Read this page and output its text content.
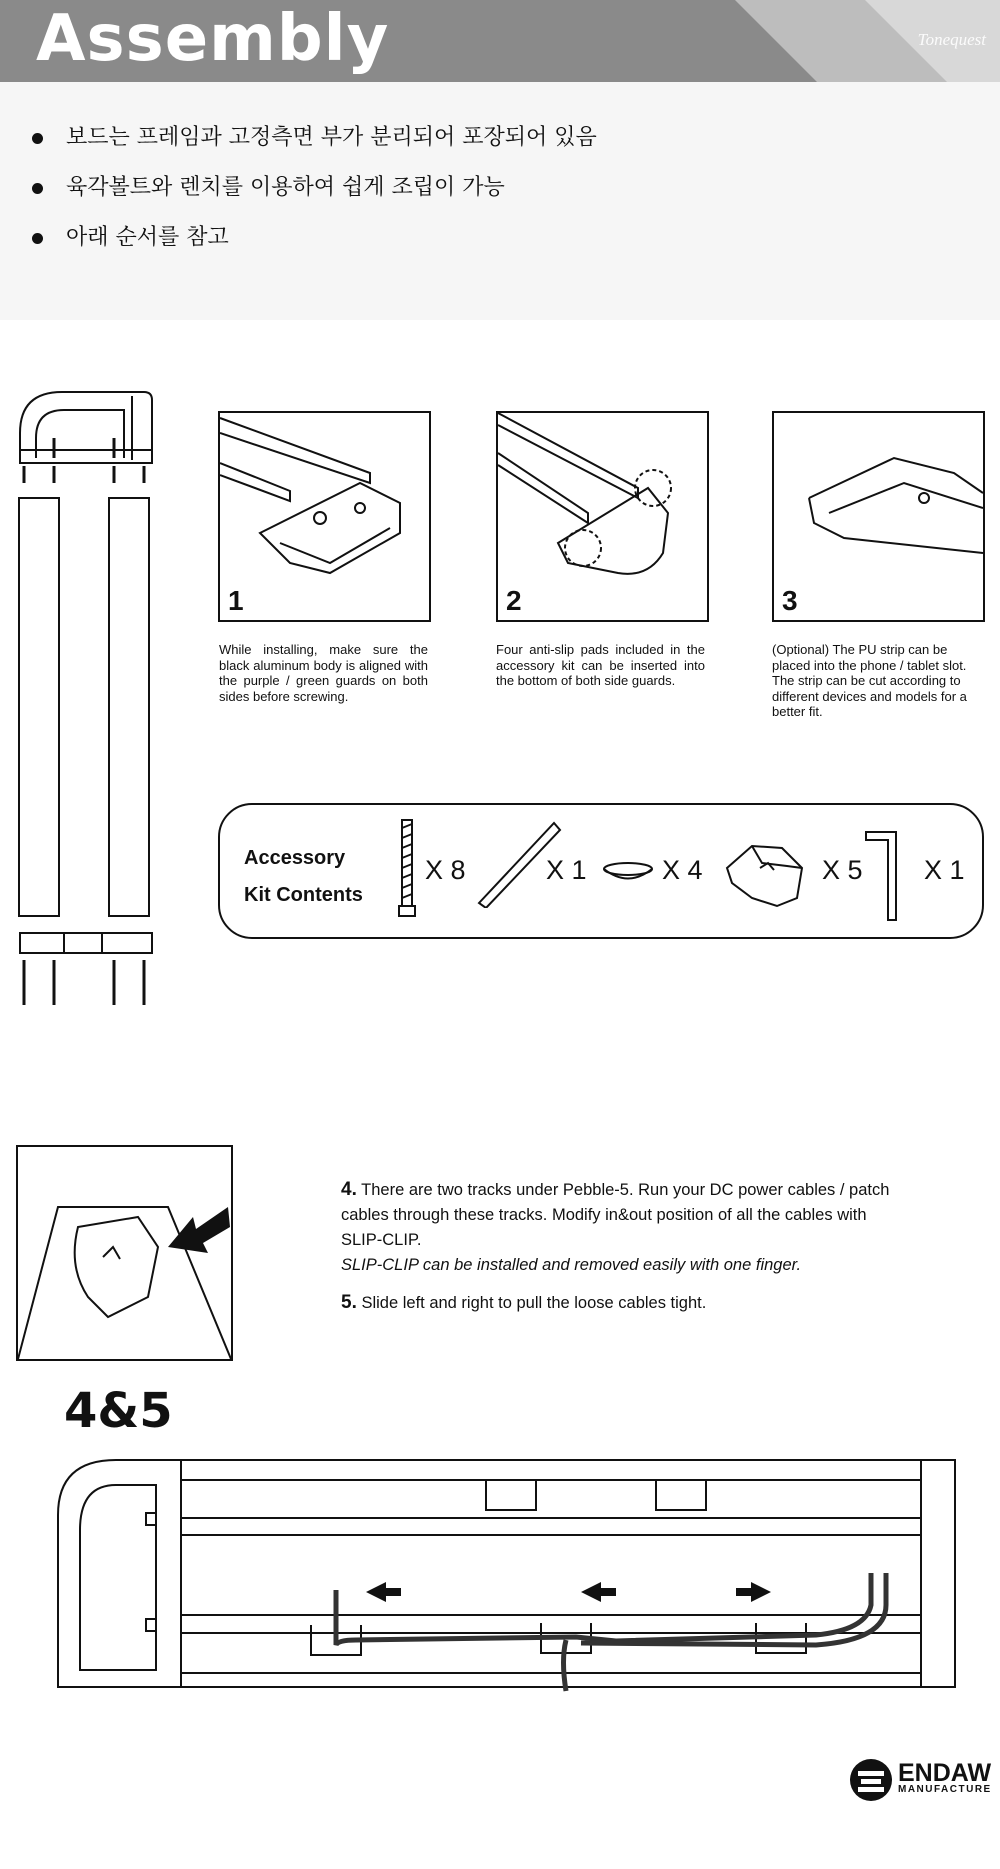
Assembly	Tonequest
보드는 프레임과 고정측면 부가 분리되어 포장되어 있음
육각볼트와 렌치를 이용하여 쉽게 조립이 가능
아래 순서를 참고
1
While installing, make sure the black aluminum body is aligned with the purple / green guards on both sides before screwing.
2
Four anti-slip pads included in the accessory kit can be inserted into the bottom of both side guards.
3
(Optional) The PU strip can be placed into the phone / tablet slot. The strip can be cut according to different devices and models for a better fit.
Accessory
Kit Contents
X 8	X 1	X 4	X 5 X 1

4. There are two tracks under Pebble-5. Run your DC power cables / patch cables through these tracks. Modify in&out position of all the cables with SLIP-CLIP.
SLIP-CLIP can be installed and removed easily with one finger.

5. Slide left and right to pull the loose cables tight.

4&5
ENDAW
MANUFACTURE
